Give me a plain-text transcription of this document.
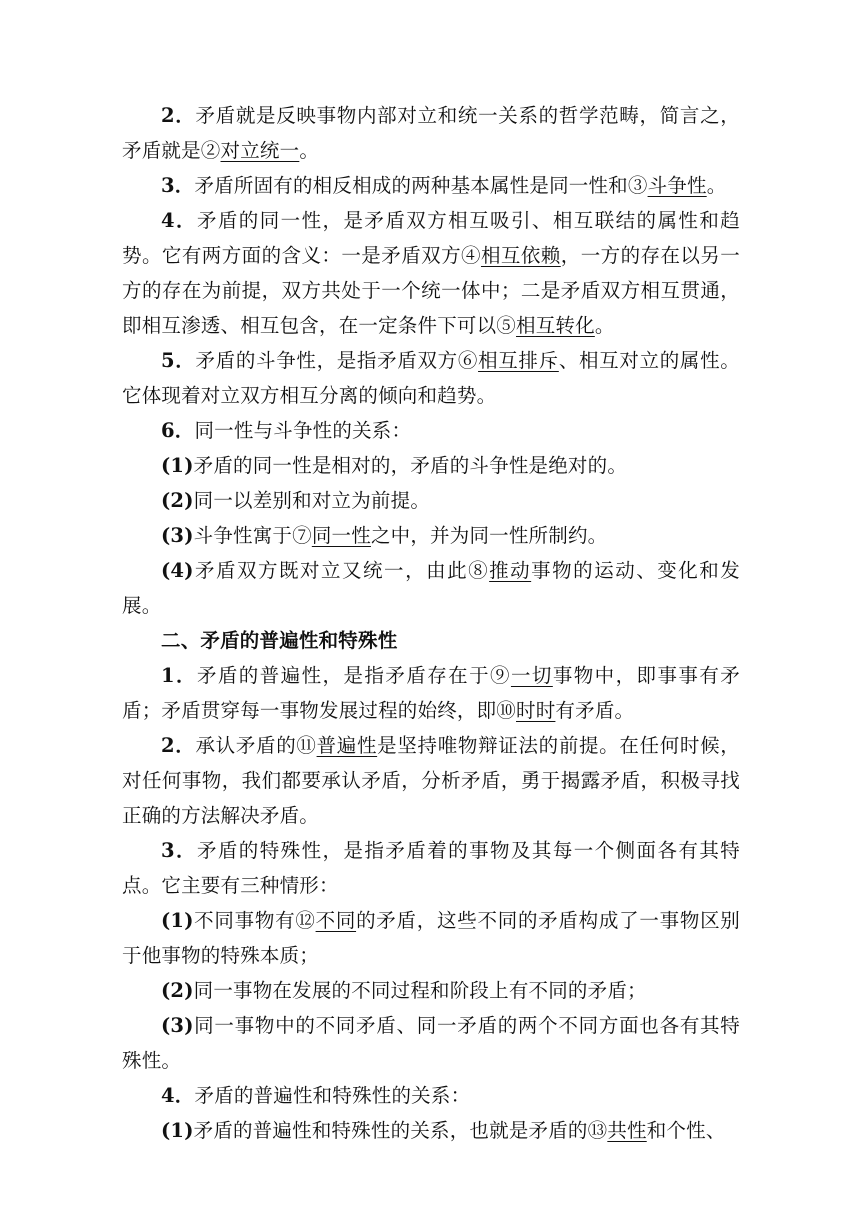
2．矛盾就是反映事物内部对立和统一关系的哲学范畴，简言之，矛盾就是②对立统一。

3．矛盾所固有的相反相成的两种基本属性是同一性和③斗争性。

4．矛盾的同一性，是矛盾双方相互吸引、相互联结的属性和趋势。它有两方面的含义：一是矛盾双方④相互依赖，一方的存在以另一方的存在为前提，双方共处于一个统一体中；二是矛盾双方相互贯通，即相互渗透、相互包含，在一定条件下可以⑤相互转化。

5．矛盾的斗争性，是指矛盾双方⑥相互排斥、相互对立的属性。它体现着对立双方相互分离的倾向和趋势。

6．同一性与斗争性的关系：

(1)矛盾的同一性是相对的，矛盾的斗争性是绝对的。

(2)同一以差别和对立为前提。

(3)斗争性寓于⑦同一性之中，并为同一性所制约。

(4)矛盾双方既对立又统一，由此⑧推动事物的运动、变化和发展。

二、矛盾的普遍性和特殊性

1．矛盾的普遍性，是指矛盾存在于⑨一切事物中，即事事有矛盾；矛盾贯穿每一事物发展过程的始终，即⑩时时有矛盾。

2．承认矛盾的⑪普遍性是坚持唯物辩证法的前提。在任何时候，对任何事物，我们都要承认矛盾，分析矛盾，勇于揭露矛盾，积极寻找正确的方法解决矛盾。

3．矛盾的特殊性，是指矛盾着的事物及其每一个侧面各有其特点。它主要有三种情形：

(1)不同事物有⑫不同的矛盾，这些不同的矛盾构成了一事物区别于他事物的特殊本质；

(2)同一事物在发展的不同过程和阶段上有不同的矛盾；

(3)同一事物中的不同矛盾、同一矛盾的两个不同方面也各有其特殊性。

4．矛盾的普遍性和特殊性的关系：

(1)矛盾的普遍性和特殊性的关系，也就是矛盾的⑬共性和个性、
